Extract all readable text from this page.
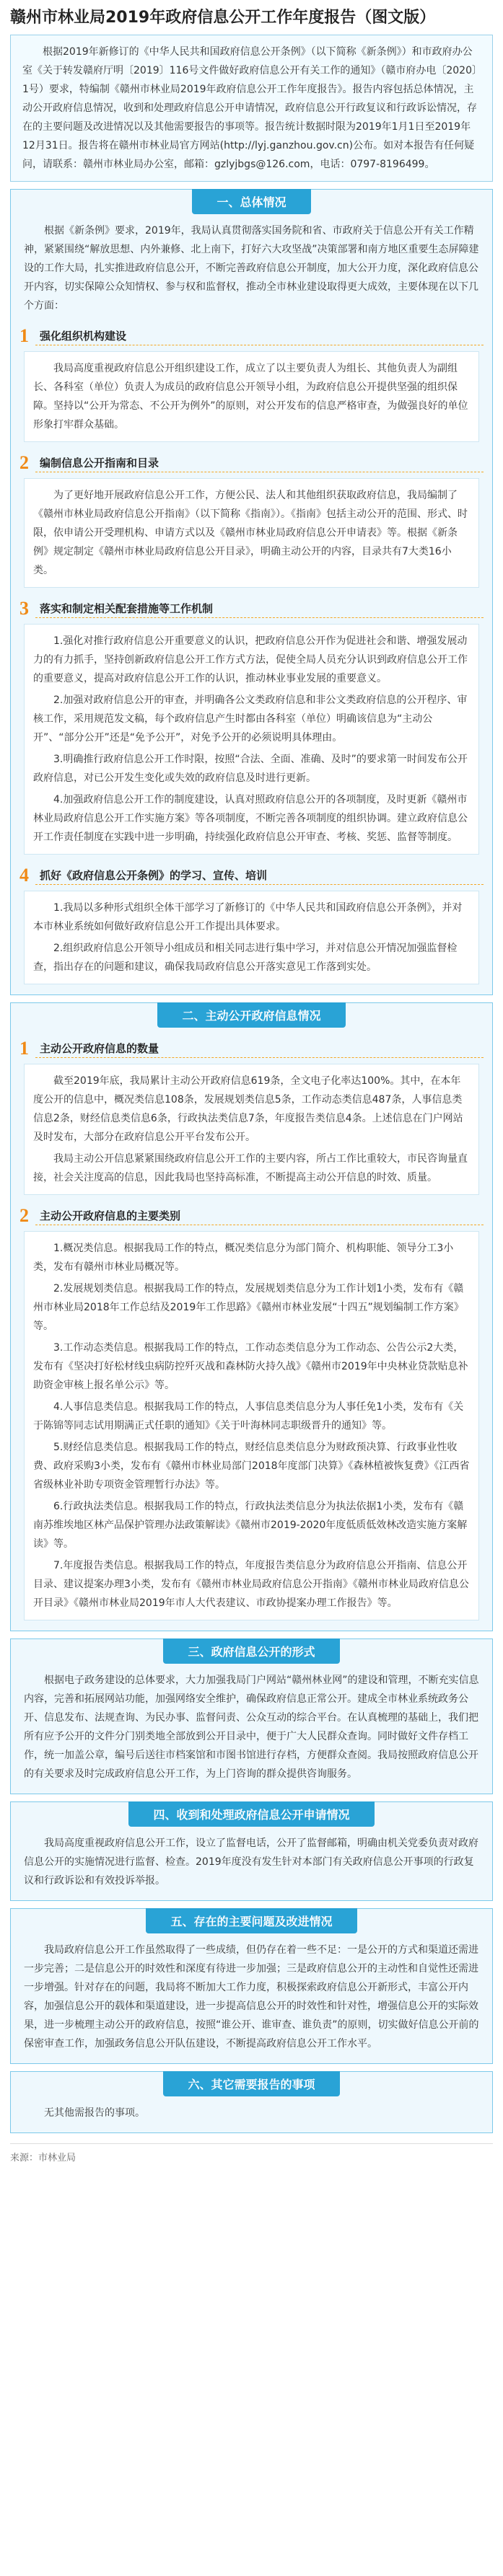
赣州市林业局2019年政府信息公开工作年度报告（图文版）

根据2019年新修订的《中华人民共和国政府信息公开条例》（以下简称《新条例》）和市政府办公室《关于转发赣府厅明〔2019〕116号文件做好政府信息公开有关工作的通知》（赣市府办电〔2020〕1号）要求，特编制《赣州市林业局2019年政府信息公开工作年度报告》。报告内容包括总体情况，主动公开政府信息情况，收到和处理政府信息公开申请情况，政府信息公开行政复议和行政诉讼情况，存在的主要问题及改进情况以及其他需要报告的事项等。报告统计数据时限为2019年1月1日至2019年12月31日。报告将在赣州市林业局官方网站(http://lyj.ganzhou.gov.cn)公布。如对本报告有任何疑问，请联系：赣州市林业局办公室，邮箱：gzlyjbgs@126.com，电话：0797-8196499。

一、总体情况

根据《新条例》要求，2019年，我局认真贯彻落实国务院和省、市政府关于信息公开有关工作精神，紧紧围绕“解放思想、内外兼修、北上南下，打好六大攻坚战”决策部署和南方地区重要生态屏障建设的工作大局，扎实推进政府信息公开，不断完善政府信息公开制度，加大公开力度，深化政府信息公开内容，切实保障公众知情权、参与权和监督权，推动全市林业建设取得更大成效，主要体现在以下几个方面：

1	强化组织机构建设

我局高度重视政府信息公开组织建设工作，成立了以主要负责人为组长、其他负责人为副组长、各科室（单位）负责人为成员的政府信息公开领导小组，为政府信息公开提供坚强的组织保障。坚持以“公开为常态、不公开为例外”的原则，对公开发布的信息严格审查，为做强良好的单位形象打牢群众基础。

2	编制信息公开指南和目录

为了更好地开展政府信息公开工作，方便公民、法人和其他组织获取政府信息，我局编制了《赣州市林业局政府信息公开指南》（以下简称《指南》）。《指南》包括主动公开的范围、形式、时限，依申请公开受理机构、申请方式以及《赣州市林业局政府信息公开申请表》等。根据《新条例》规定制定《赣州市林业局政府信息公开目录》，明确主动公开的内容，目录共有7大类16小类。

3	落实和制定相关配套措施等工作机制

1.强化对推行政府信息公开重要意义的认识，把政府信息公开作为促进社会和谐、增强发展动力的有力抓手，坚持创新政府信息公开工作方式方法，促使全局人员充分认识到政府信息公开工作的重要意义，提高对政府信息公开工作的认识，推动林业事业发展的重要意义。

2.加强对政府信息公开的审查，并明确各公文类政府信息和非公文类政府信息的公开程序、审核工作，采用规范发文稿，每个政府信息产生时都由各科室（单位）明确该信息为“主动公开”、“部分公开”还是“免予公开”，对免予公开的必须说明具体理由。

3.明确推行政府信息公开工作时限，按照“合法、全面、准确、及时”的要求第一时间发布公开政府信息，对已公开发生变化或失效的政府信息及时进行更新。

4.加强政府信息公开工作的制度建设，认真对照政府信息公开的各项制度，及时更新《赣州市林业局政府信息公开工作实施方案》等各项制度，不断完善各项制度的组织协调。建立政府信息公开工作责任制度在实践中进一步明确，持续强化政府信息公开审查、考核、奖惩、监督等制度。

4	抓好《政府信息公开条例》的学习、宣传、培训

1.我局以多种形式组织全体干部学习了新修订的《中华人民共和国政府信息公开条例》，并对本市林业系统如何做好政府信息公开工作提出具体要求。

2.组织政府信息公开领导小组成员和相关同志进行集中学习，并对信息公开情况加强监督检查，指出存在的问题和建议，确保我局政府信息公开落实意见工作落到实处。

二、主动公开政府信息情况
1	主动公开政府信息的数量

截至2019年底，我局累计主动公开政府信息619条，全文电子化率达100%。其中，在本年度公开的信息中，概况类信息108条，发展规划类信息5条，工作动态类信息487条，人事信息类信息2条，财经信息类信息6条，行政执法类信息7条，年度报告类信息4条。上述信息在门户网站及时发布，大部分在政府信息公开平台发布公开。

我局主动公开信息紧紧围绕政府信息公开工作的主要内容，所占工作比重较大，市民咨询量直接，社会关注度高的信息，因此我局也坚持高标准，不断提高主动公开信息的时效、质量。

2	主动公开政府信息的主要类别

1.概况类信息。根据我局工作的特点，概况类信息分为部门简介、机构职能、领导分工3小类，发布有赣州市林业局概况等。

2.发展规划类信息。根据我局工作的特点，发展规划类信息分为工作计划1小类，发布有《赣州市林业局2018年工作总结及2019年工作思路》《赣州市林业发展“十四五”规划编制工作方案》等。

3.工作动态类信息。根据我局工作的特点，工作动态类信息分为工作动态、公告公示2大类，发布有《坚决打好松材线虫病防控歼灭战和森林防火持久战》《赣州市2019年中央林业贷款贴息补助资金审核上报名单公示》等。

4.人事信息类信息。根据我局工作的特点，人事信息类信息分为人事任免1小类，发布有《关于陈锦等同志试用期满正式任职的通知》《关于叶海林同志职级晋升的通知》等。

5.财经信息类信息。根据我局工作的特点，财经信息类信息分为财政预决算、行政事业性收费、政府采购3小类，发布有《赣州市林业局部门2018年度部门决算》《森林植被恢复费》《江西省省级林业补助专项资金管理暂行办法》等。

6.行政执法类信息。根据我局工作的特点，行政执法类信息分为执法依据1小类，发布有《赣南苏维埃地区林产品保护管理办法政策解读》《赣州市2019-2020年度低质低效林改造实施方案解读》等。

7.年度报告类信息。根据我局工作的特点，年度报告类信息分为政府信息公开指南、信息公开目录、建议提案办理3小类，发布有《赣州市林业局政府信息公开指南》《赣州市林业局政府信息公开目录》《赣州市林业局2019年市人大代表建议、市政协提案办理工作报告》等。

三、政府信息公开的形式

根据电子政务建设的总体要求，大力加强我局门户网站“赣州林业网”的建设和管理，不断充实信息内容，完善和拓展网站功能，加强网络安全维护，确保政府信息正常公开。建成全市林业系统政务公开、信息发布、法规查询、为民办事、监督问责、公众互动的综合平台。在认真梳理的基础上，我们把所有应予公开的文件分门别类地全部放到公开目录中，便于广大人民群众查询。同时做好文件存档工作，统一加盖公章，编号后送往市档案馆和市图书馆进行存档，方便群众查阅。我局按照政府信息公开的有关要求及时完成政府信息公开工作，为上门咨询的群众提供咨询服务。

四、收到和处理政府信息公开申请情况

我局高度重视政府信息公开工作，设立了监督电话，公开了监督邮箱，明确由机关党委负责对政府信息公开的实施情况进行监督、检查。2019年度没有发生针对本部门有关政府信息公开事项的行政复议和行政诉讼和有效投诉举报。

五、存在的主要问题及改进情况

我局政府信息公开工作虽然取得了一些成绩，但仍存在着一些不足：一是公开的方式和渠道还需进一步完善；二是信息公开的时效性和深度有待进一步加强；三是政府信息公开的主动性和自觉性还需进一步增强。针对存在的问题，我局将不断加大工作力度，积极探索政府信息公开新形式，丰富公开内容，加强信息公开的载体和渠道建设，进一步提高信息公开的时效性和针对性，增强信息公开的实际效果，进一步梳理主动公开的政府信息，按照“谁公开、谁审查、谁负责”的原则，切实做好信息公开前的保密审查工作，加强政务信息公开队伍建设，不断提高政府信息公开工作水平。

六、其它需要报告的事项

无其他需报告的事项。

来源：市林业局
